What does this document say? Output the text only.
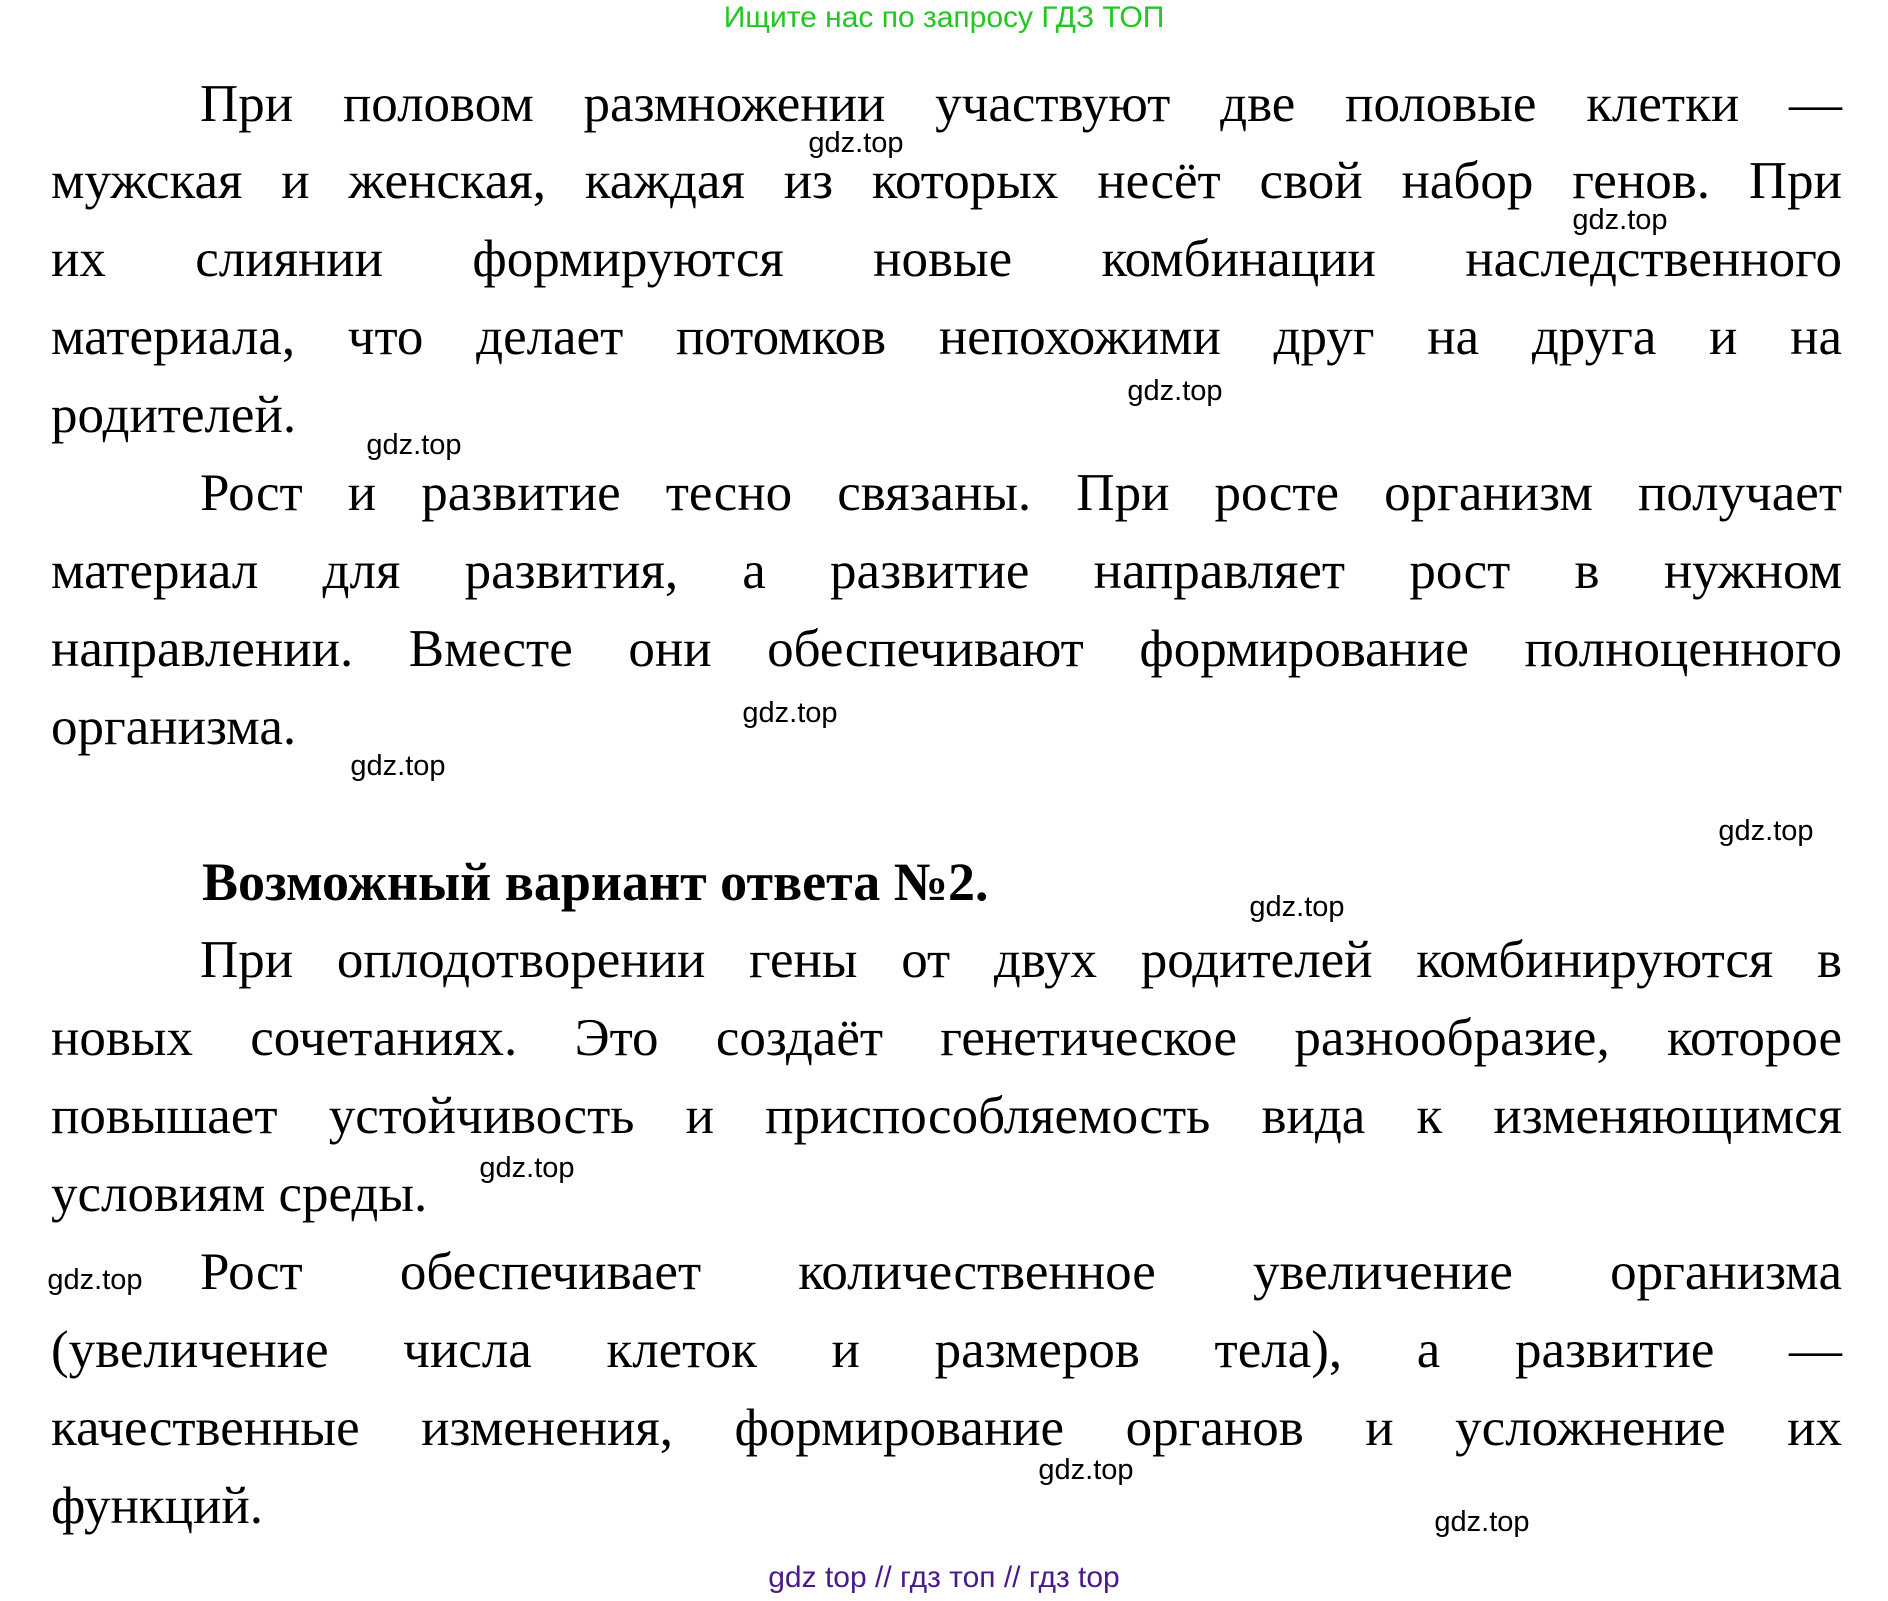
Ищите нас по запросу ГДЗ ТОП
При половом размножении участвуют две половые клетки —
мужская и женская, каждая из которых несёт свой набор генов. При
их слиянии формируются новые комбинации наследственного
материала, что делает потомков непохожими друг на друга и на
родителей.
Рост и развитие тесно связаны. При росте организм получает
материал для развития, а развитие направляет рост в нужном
направлении. Вместе они обеспечивают формирование полноценного
организма.
Возможный вариант ответа №2.
При оплодотворении гены от двух родителей комбинируются в
новых сочетаниях. Это создаёт генетическое разнообразие, которое
повышает устойчивость и приспособляемость вида к изменяющимся
условиям среды.
Рост обеспечивает количественное увеличение организма
(увеличение числа клеток и размеров тела), а развитие —
качественные изменения, формирование органов и усложнение их
функций.
gdz.top
gdz.top
gdz.top
gdz.top
gdz.top
gdz.top
gdz.top
gdz.top
gdz.top
gdz.top
gdz.top
gdz.top
gdz top // гдз топ // гдз top
